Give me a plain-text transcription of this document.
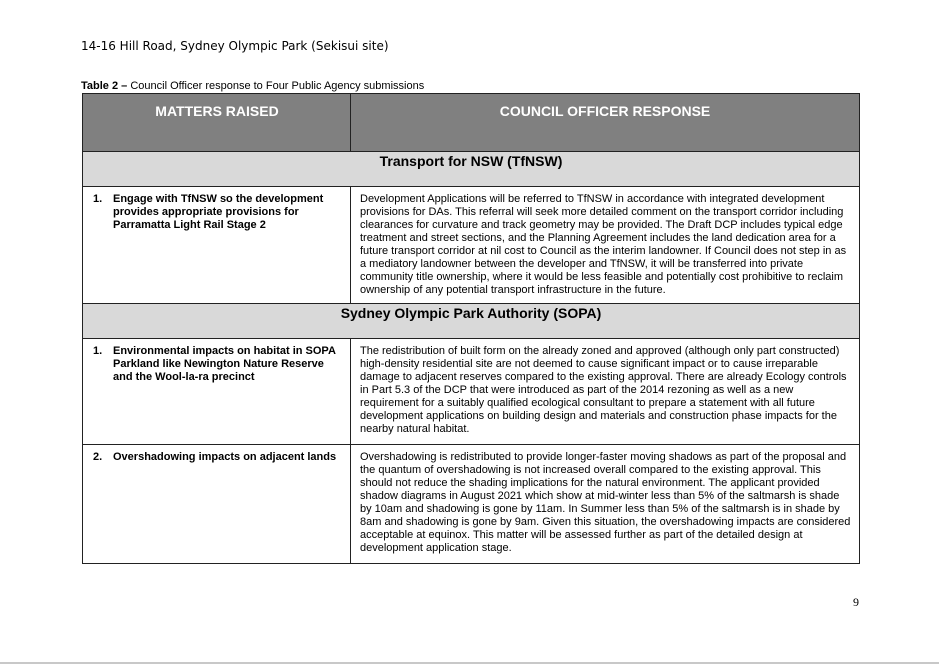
14-16 Hill Road, Sydney Olympic Park (Sekisui site)
Table 2 – Council Officer response to Four Public Agency submissions
MATTERS RAISED	COUNCIL OFFICER RESPONSE
Transport for NSW (TfNSW)	
1. Engage with TfNSW so the development provides appropriate provisions for Parramatta Light Rail Stage 2	Development Applications will be referred to TfNSW in accordance with integrated development provisions for DAs. This referral will seek more detailed comment on the transport corridor including clearances for curvature and track geometry may be provided. The Draft DCP includes typical edge treatment and street sections, and the Planning Agreement includes the land dedication area for a future transport corridor at nil cost to Council as the interim landowner. If Council does not step in as a mediatory landowner between the developer and TfNSW, it will be transferred into private community title ownership, where it would be less feasible and potentially cost prohibitive to reclaim ownership of any potential transport infrastructure in the future.
Sydney Olympic Park Authority (SOPA)	
1. Environmental impacts on habitat in SOPA Parkland like Newington Nature Reserve and the Wool-la-ra precinct	The redistribution of built form on the already zoned and approved (although only part constructed) high-density residential site are not deemed to cause significant impact or to cause irreparable damage to adjacent reserves compared to the existing approval. There are already Ecology controls in Part 5.3 of the DCP that were introduced as part of the 2014 rezoning as well as a new requirement for a suitably qualified ecological consultant to prepare a statement with all future development applications on building design and materials and construction phase impacts for the nearby natural habitat.
2. Overshadowing impacts on adjacent lands	Overshadowing is redistributed to provide longer-faster moving shadows as part of the proposal and the quantum of overshadowing is not increased overall compared to the existing approval. This should not reduce the shading implications for the natural environment. The applicant provided shadow diagrams in August 2021 which show at mid-winter less than 5% of the saltmarsh is shade by 10am and shadowing is gone by 11am. In Summer less than 5% of the saltmarsh is in shade by 8am and shadowing is gone by 9am. Given this situation, the overshadowing impacts are considered acceptable at equinox. This matter will be assessed further as part of the detailed design at development application stage.
9
